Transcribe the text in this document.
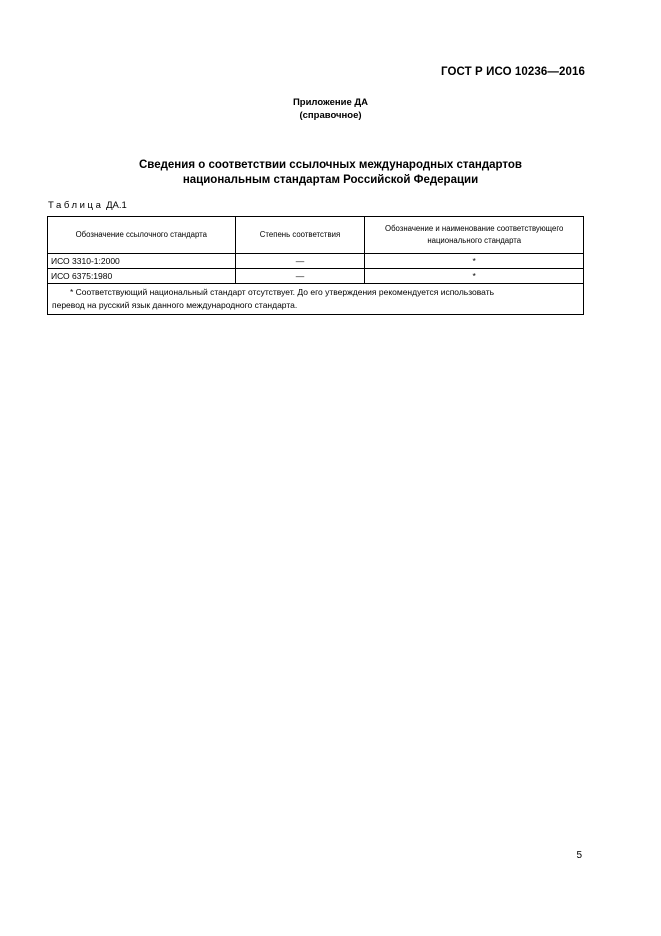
ГОСТ Р ИСО 10236—2016
Приложение ДА
(справочное)
Сведения о соответствии ссылочных международных стандартов
национальным стандартам Российской Федерации
Таблица ДА.1
Обозначение ссылочного стандарта	Степень соответствия	Обозначение и наименование соответствующего национального стандарта
ИСО 3310-1:2000	—	*
ИСО 6375:1980	—	*

* Соответствующий национальный стандарт отсутствует. До его утверждения рекомендуется использовать
перевод на русский язык данного международного стандарта.		
5
